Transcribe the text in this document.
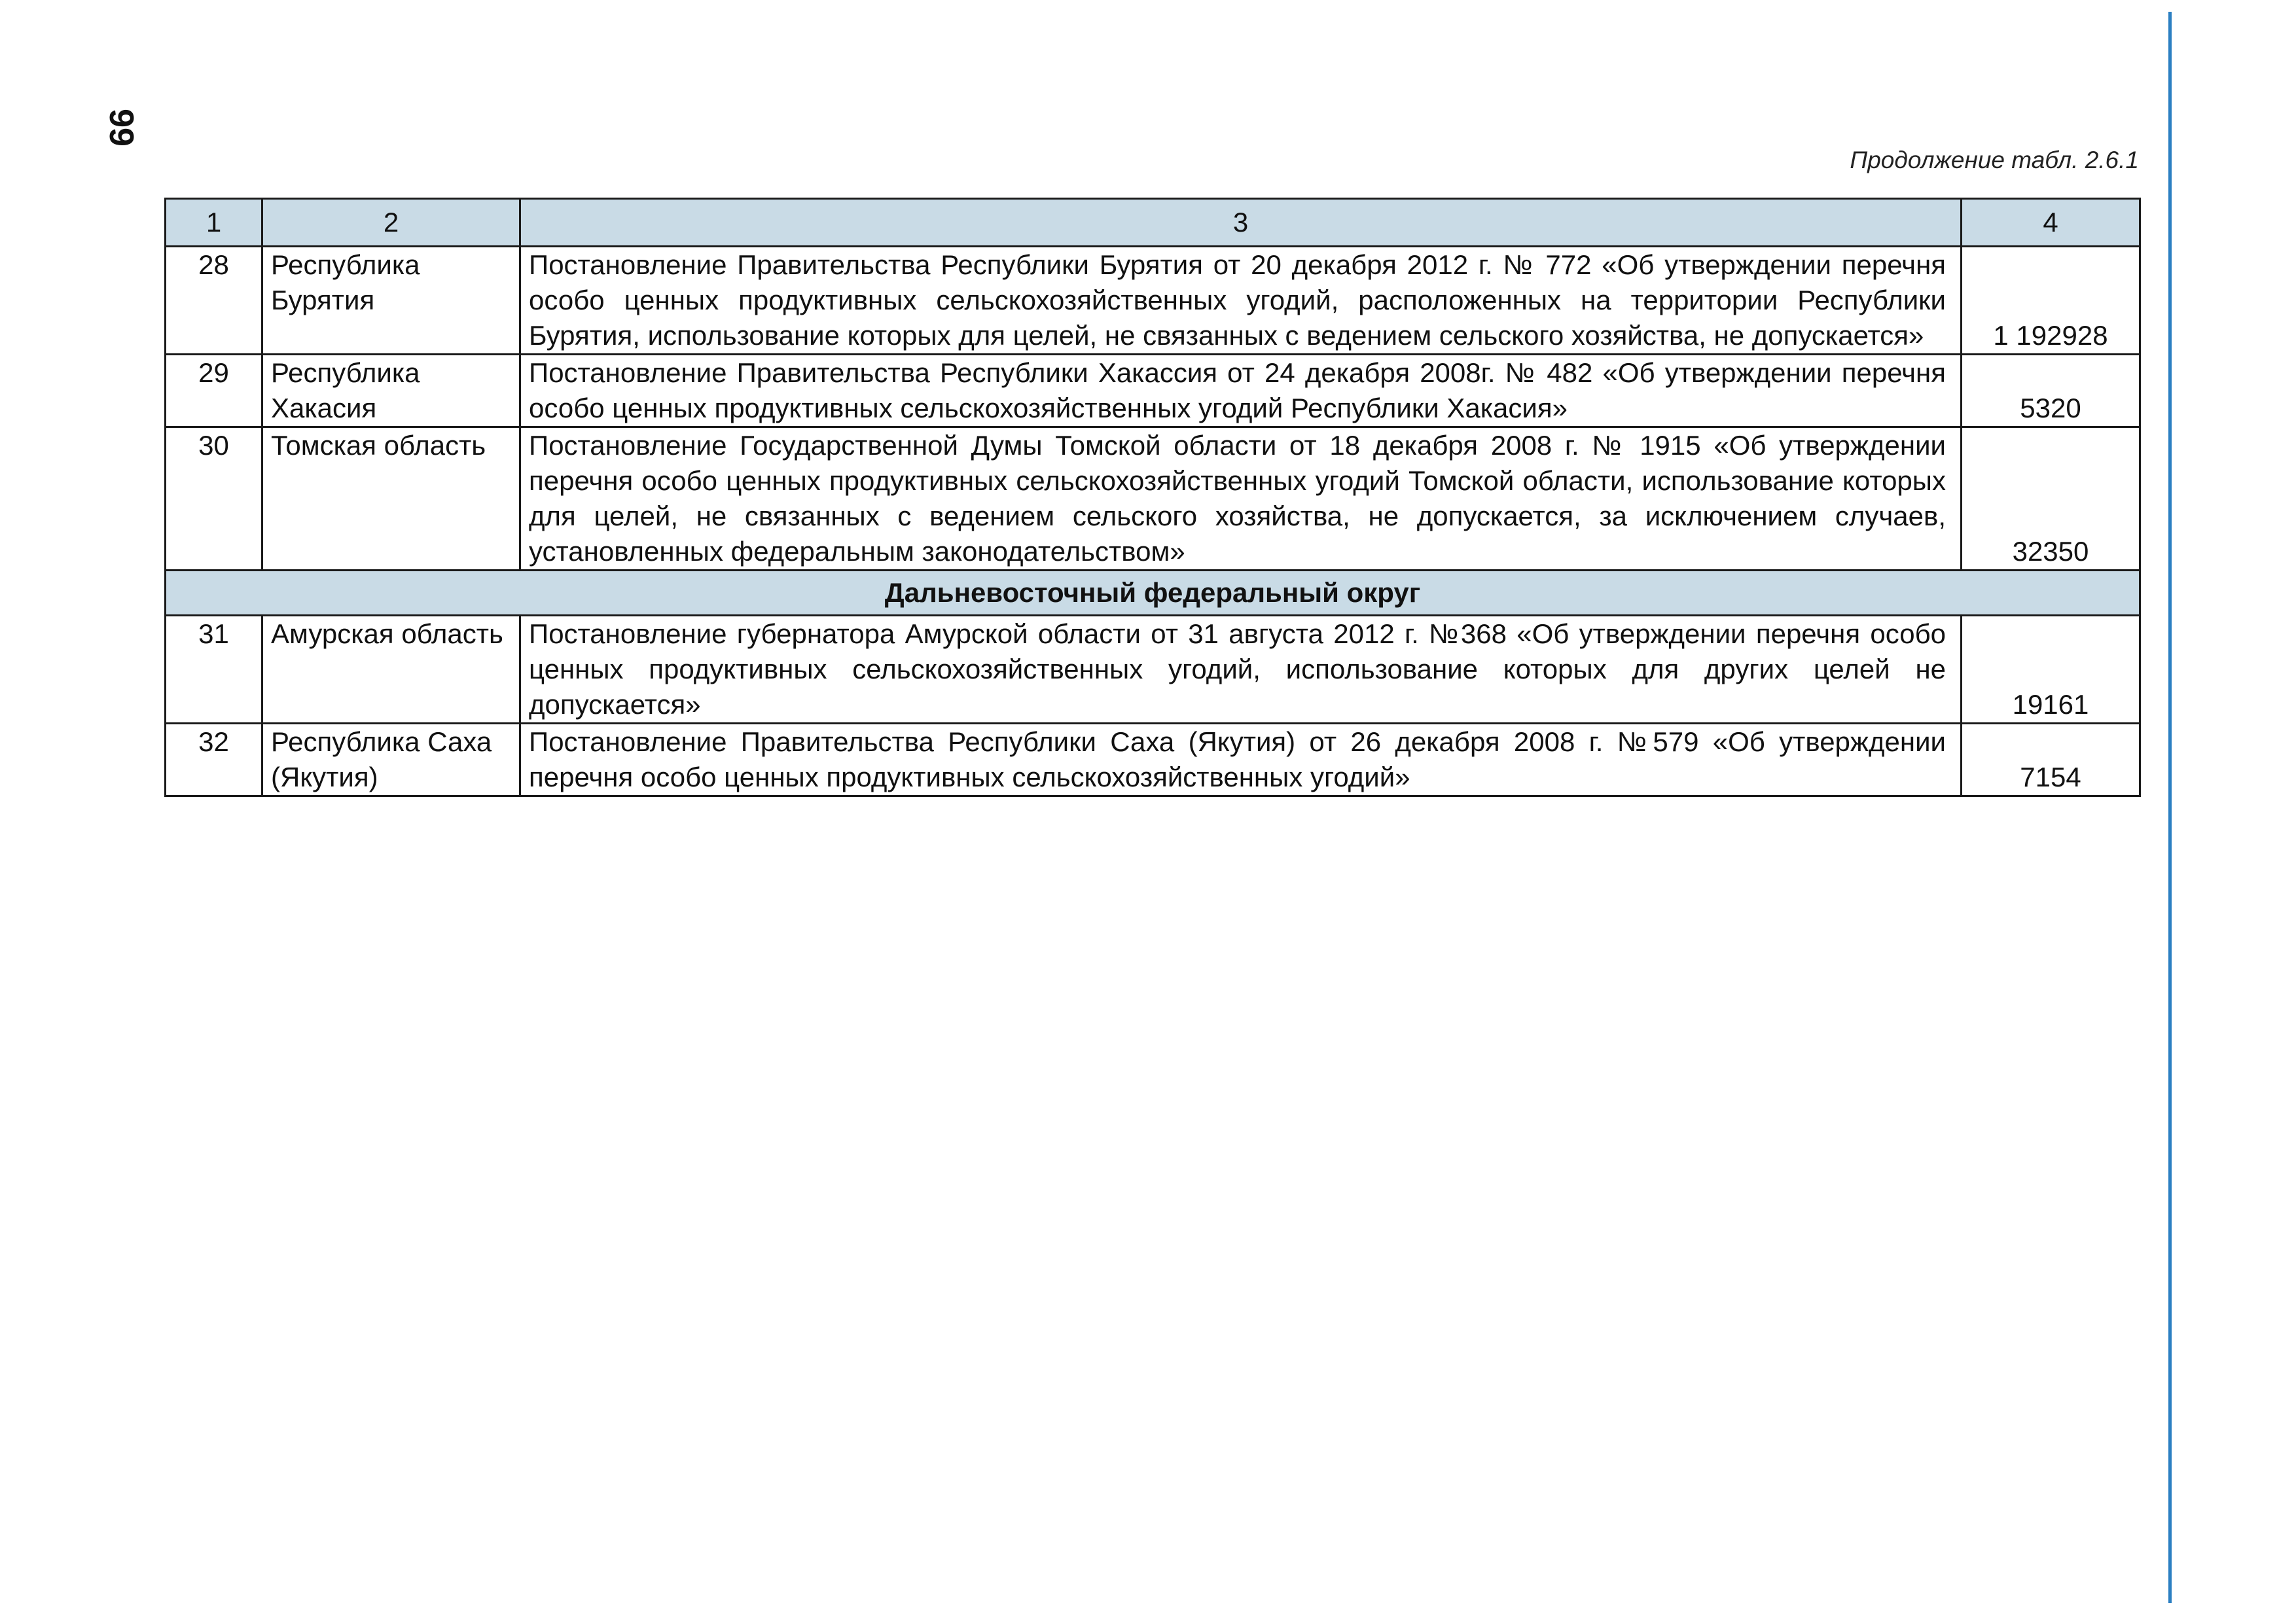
99
Продолжение табл. 2.6.1
1	2	3	4
28	Республика Бурятия	Постановление Правительства Республики Бурятия от 20 декабря 2012 г. № 772 «Об утверждении перечня особо ценных продуктивных сельскохозяйственных угодий, расположенных на территории Республики Бурятия, использование которых для целей, не связанных с ведением сельского хозяйства, не допускается»	1 192928
29	Республика Хакасия	Постановление Правительства Республики Хакассия от 24 декабря 2008г. № 482 «Об утверждении перечня особо ценных продуктивных сельскохозяйственных угодий Республики Хакасия»	5320
30	Томская область	Постановление Государственной Думы Томской области от 18 декабря 2008 г. № 1915 «Об утверждении перечня особо ценных продуктивных сельскохозяйственных угодий Томской области, использование которых для целей, не связанных с ведением сельского хозяйства, не допускается, за исключением случаев, установленных федеральным законодательством»	32350
Дальневосточный федеральный округ			
31	Амурская область	Постановление губернатора Амурской области от 31 августа 2012 г. №368 «Об утверждении перечня особо ценных продуктивных сельскохозяйственных угодий, использование которых для других целей не допускается»	19161
32	Республика Саха (Якутия)	Постановление Правительства Республики Саха (Якутия) от 26 декабря 2008 г. №579 «Об утверждении перечня особо ценных продуктивных сельскохозяйственных угодий»	7154
